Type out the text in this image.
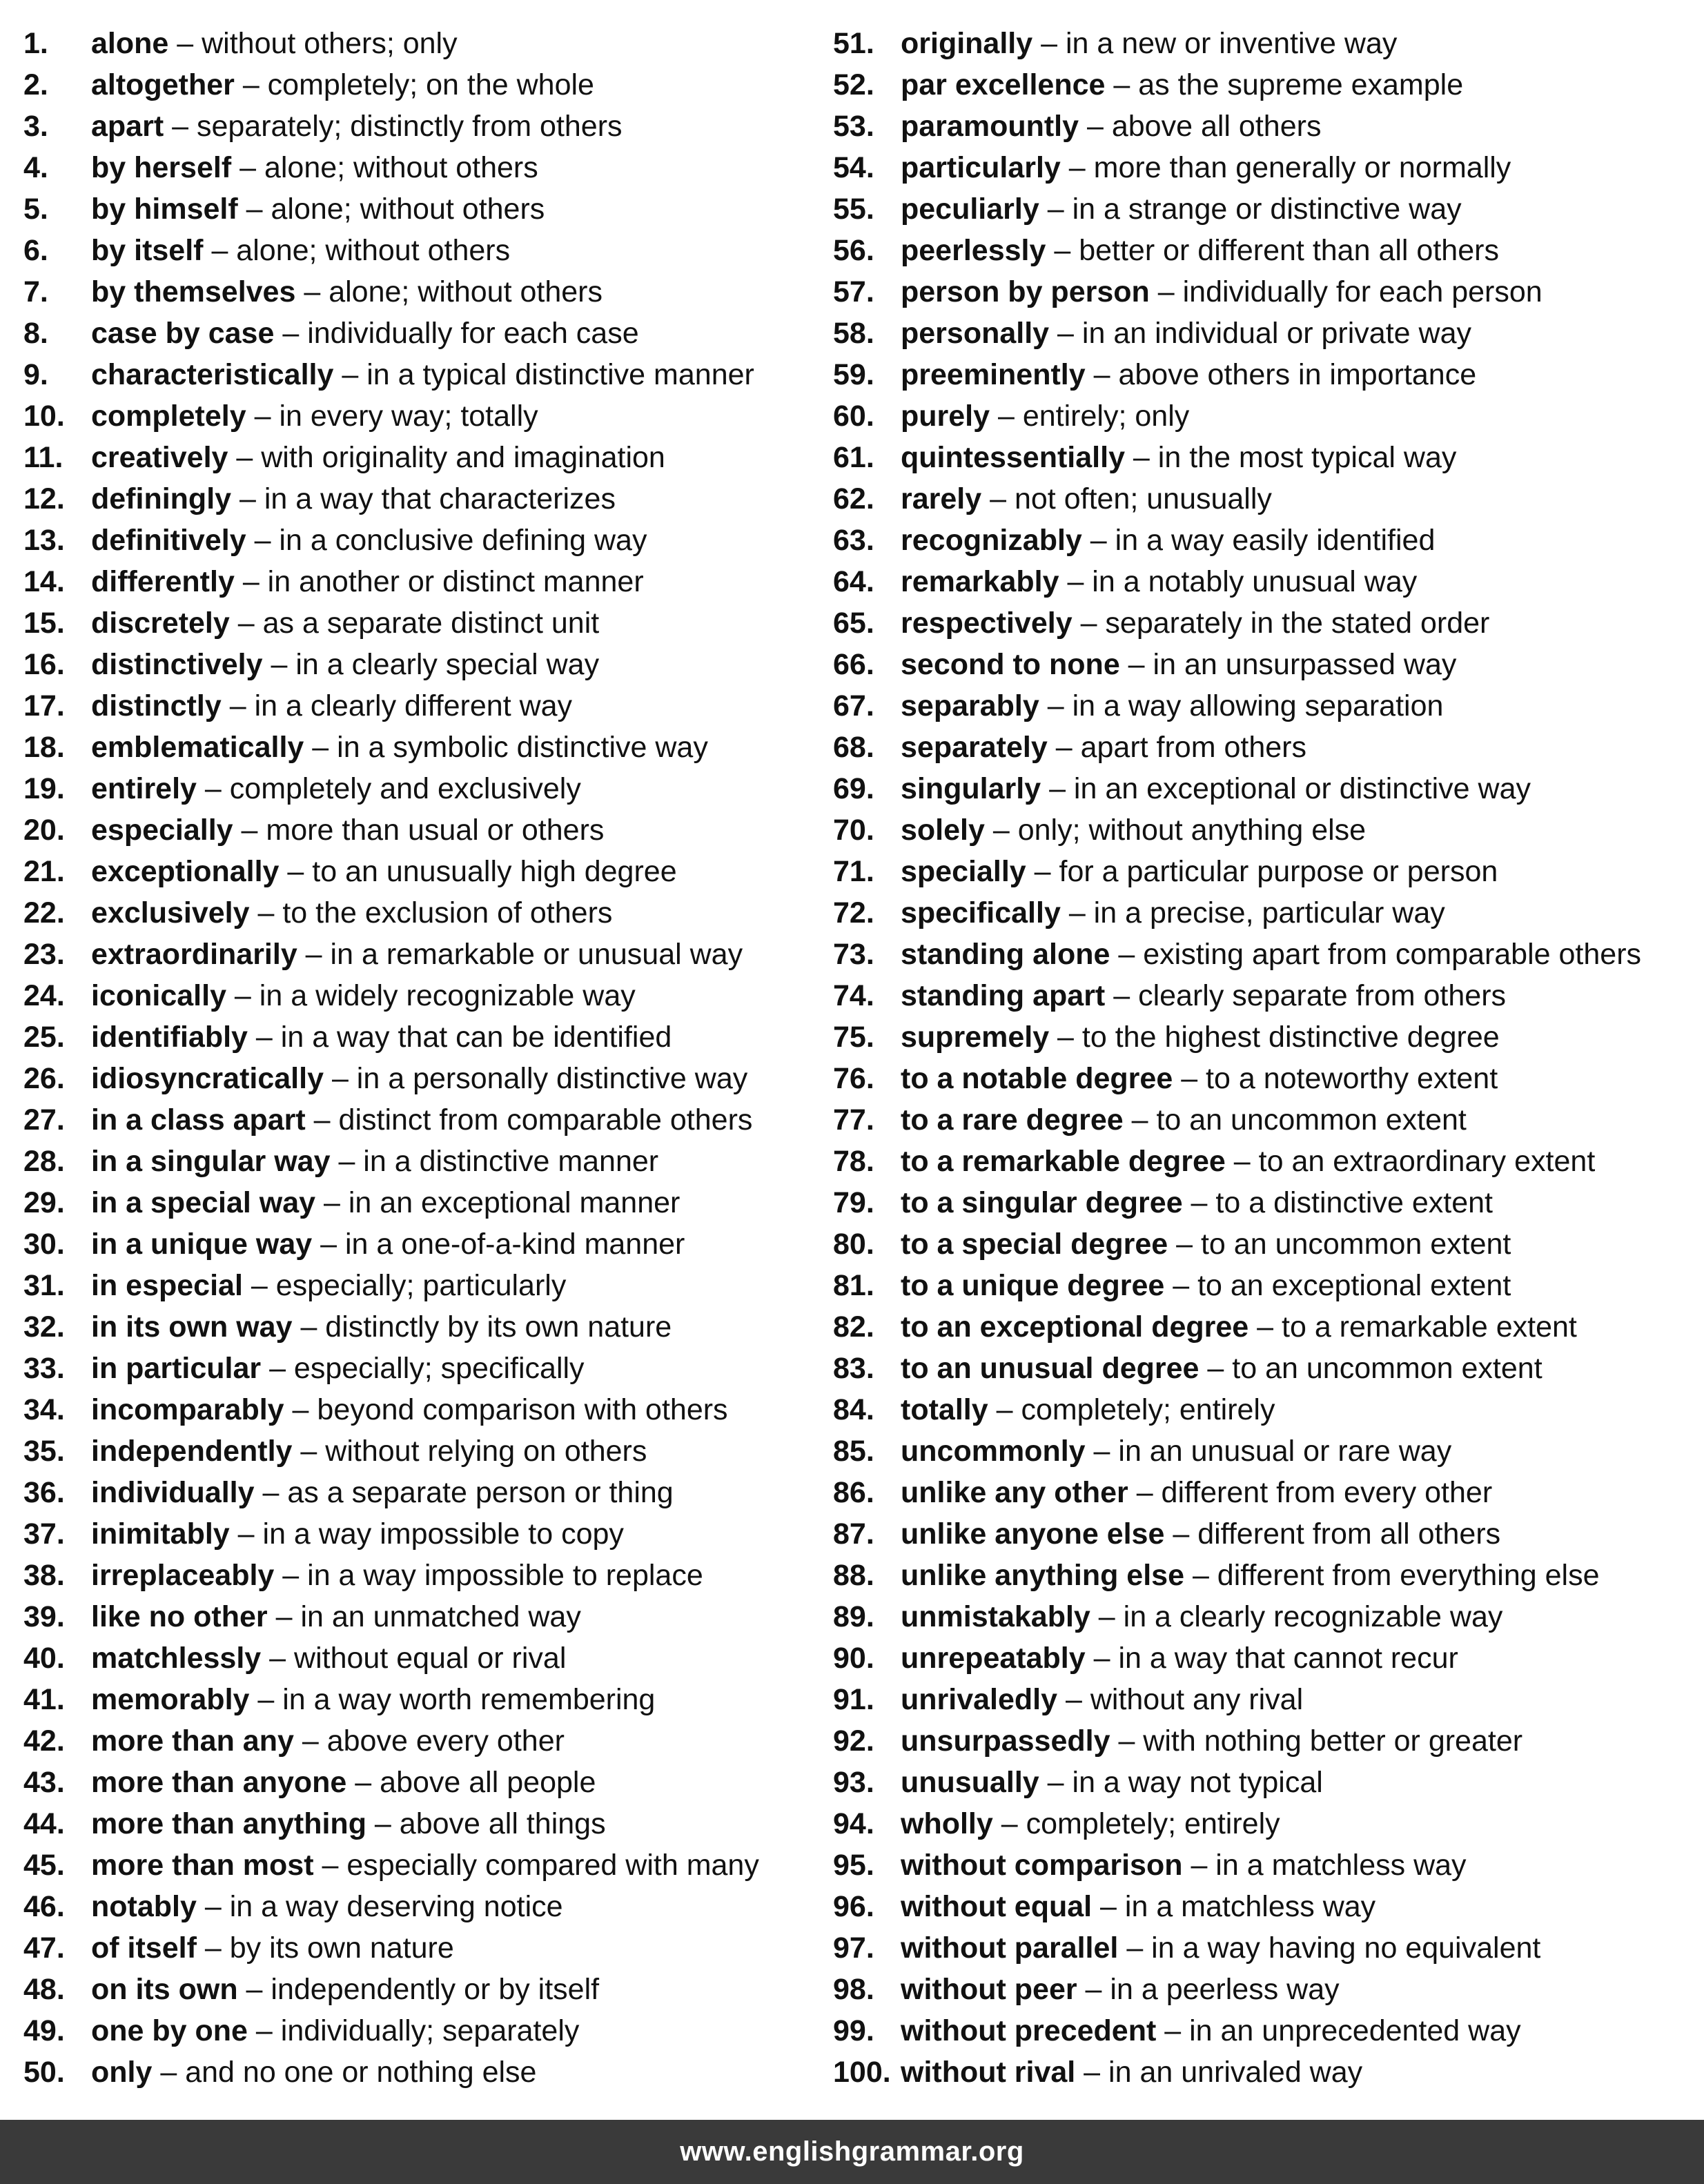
1.	alone – without others; only
2.	altogether – completely; on the whole
3.	apart – separately; distinctly from others
4.	by herself – alone; without others
5.	by himself – alone; without others
6.	by itself – alone; without others
7.	by themselves – alone; without others
8.	case by case – individually for each case
9.	characteristically – in a typical distinctive manner
10. completely – in every way; totally
11. creatively – with originality and imagination
12. definingly – in a way that characterizes
13. definitively – in a conclusive defining way
14. differently – in another or distinct manner
15. discretely – as a separate distinct unit
16. distinctively – in a clearly special way
17. distinctly – in a clearly different way
18. emblematically – in a symbolic distinctive way
19. entirely – completely and exclusively
20. especially – more than usual or others
21. exceptionally – to an unusually high degree
22. exclusively – to the exclusion of others
23. extraordinarily – in a remarkable or unusual way
24. iconically – in a widely recognizable way
25. identifiably – in a way that can be identified
26. idiosyncratically – in a personally distinctive way
27. in a class apart – distinct from comparable others
28. in a singular way – in a distinctive manner
29. in a special way – in an exceptional manner
30. in a unique way – in a one-of-a-kind manner
31. in especial – especially; particularly
32. in its own way – distinctly by its own nature
33. in particular – especially; specifically
34. incomparably – beyond comparison with others
35. independently – without relying on others
36. individually – as a separate person or thing
37. inimitably – in a way impossible to copy
38. irreplaceably – in a way impossible to replace
39. like no other – in an unmatched way
40. matchlessly – without equal or rival
41. memorably – in a way worth remembering
42. more than any – above every other
43. more than anyone – above all people
44. more than anything – above all things
45. more than most – especially compared with many
46. notably – in a way deserving notice
47. of itself – by its own nature
48. on its own – independently or by itself
49. one by one – individually; separately
50. only – and no one or nothing else
51. originally – in a new or inventive way
52. par excellence – as the supreme example
53. paramountly – above all others
54. particularly – more than generally or normally
55. peculiarly – in a strange or distinctive way
56. peerlessly – better or different than all others
57. person by person – individually for each person
58. personally – in an individual or private way
59. preeminently – above others in importance
60. purely – entirely; only
61. quintessentially – in the most typical way
62. rarely – not often; unusually
63. recognizably – in a way easily identified
64. remarkably – in a notably unusual way
65. respectively – separately in the stated order
66. second to none – in an unsurpassed way
67. separably – in a way allowing separation
68. separately – apart from others
69. singularly – in an exceptional or distinctive way
70. solely – only; without anything else
71. specially – for a particular purpose or person
72. specifically – in a precise, particular way
73. standing alone – existing apart from comparable others
74. standing apart – clearly separate from others
75. supremely – to the highest distinctive degree
76. to a notable degree – to a noteworthy extent
77. to a rare degree – to an uncommon extent
78. to a remarkable degree – to an extraordinary extent
79. to a singular degree – to a distinctive extent
80. to a special degree – to an uncommon extent
81. to a unique degree – to an exceptional extent
82. to an exceptional degree – to a remarkable extent
83. to an unusual degree – to an uncommon extent
84. totally – completely; entirely
85. uncommonly – in an unusual or rare way
86. unlike any other – different from every other
87. unlike anyone else – different from all others
88. unlike anything else – different from everything else
89. unmistakably – in a clearly recognizable way
90. unrepeatably – in a way that cannot recur
91. unrivaledly – without any rival
92. unsurpassedly – with nothing better or greater
93. unusually – in a way not typical
94. wholly – completely; entirely
95. without comparison – in a matchless way
96. without equal – in a matchless way
97. without parallel – in a way having no equivalent
98. without peer – in a peerless way
99. without precedent – in an unprecedented way
100. without rival – in an unrivaled way
www.englishgrammar.org
